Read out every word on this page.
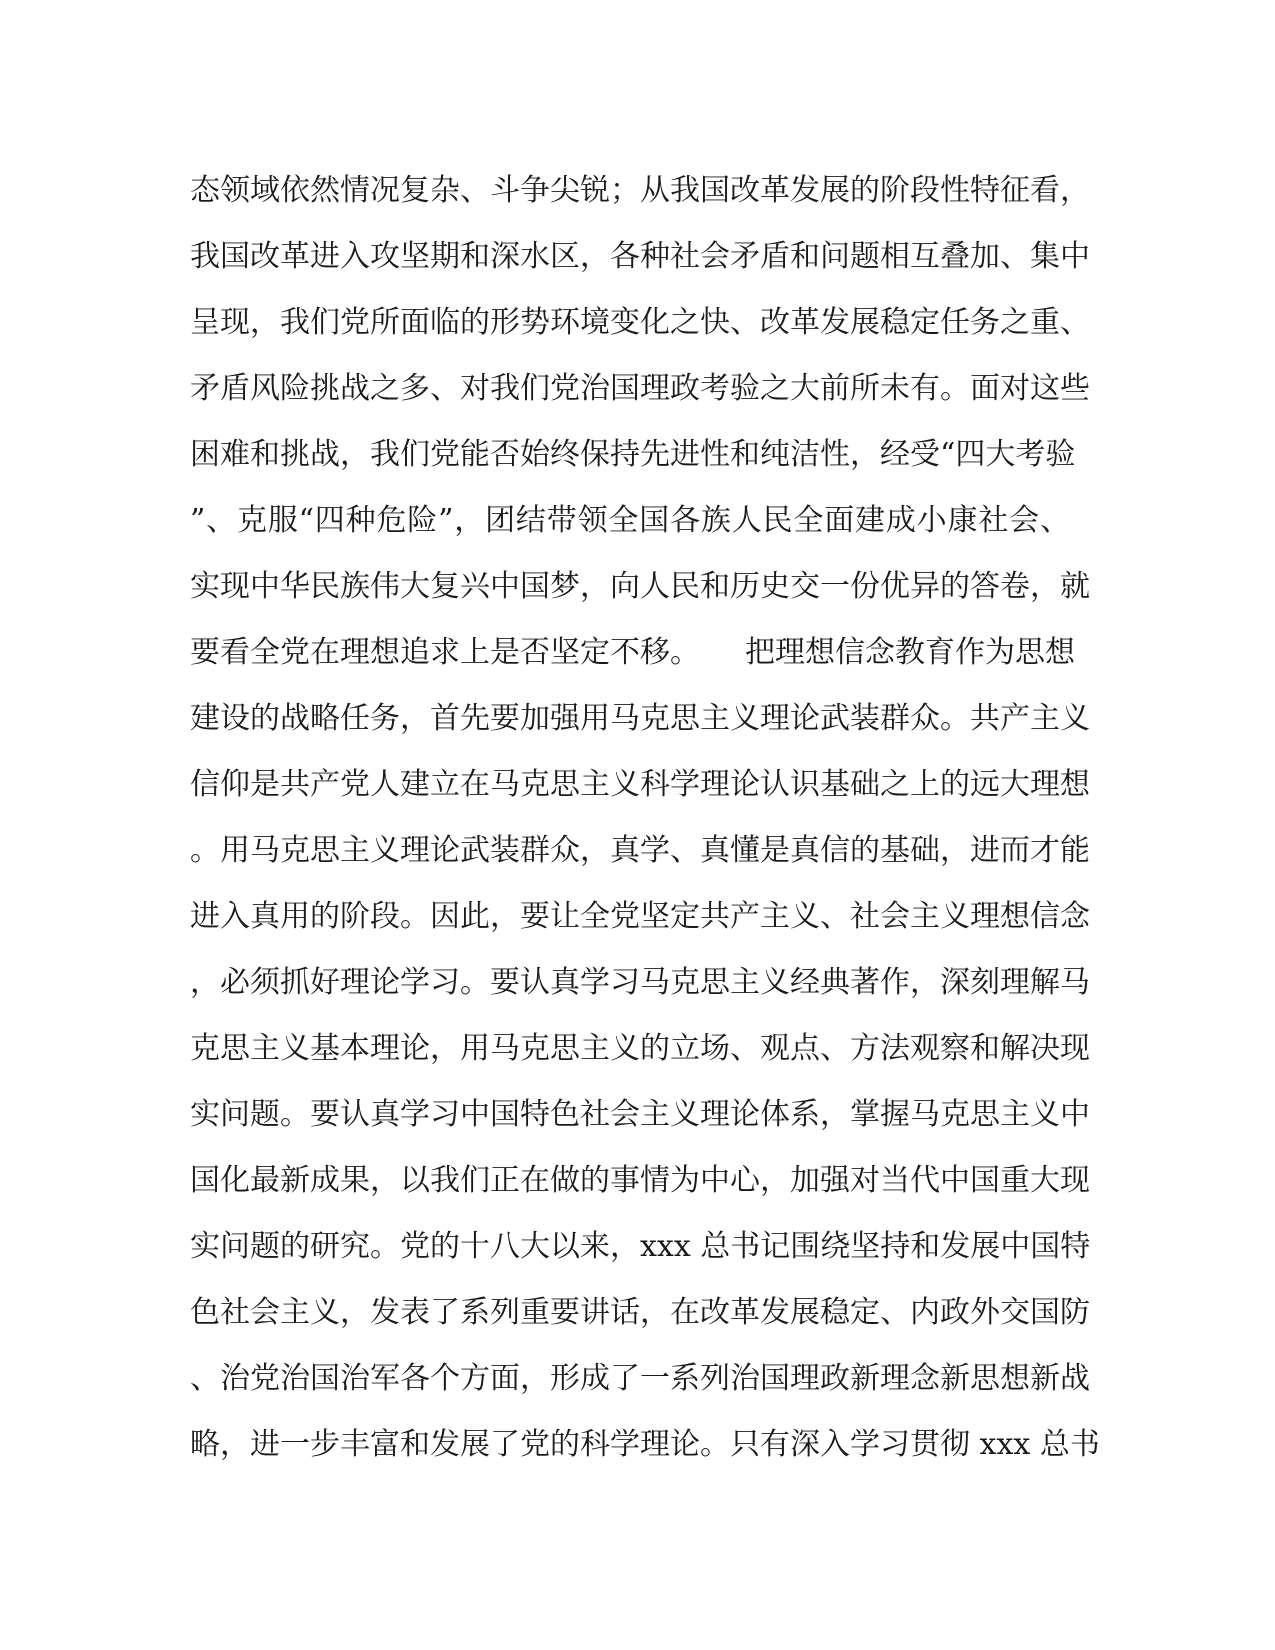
态领域依然情况复杂、斗争尖锐；从我国改革发展的阶段性特征看，
我国改革进入攻坚期和深水区，各种社会矛盾和问题相互叠加、集中
呈现，我们党所面临的形势环境变化之快、改革发展稳定任务之重、
矛盾风险挑战之多、对我们党治国理政考验之大前所未有。面对这些
困难和挑战，我们党能否始终保持先进性和纯洁性，经受“四大考验
”、克服“四种危险”，团结带领全国各族人民全面建成小康社会、
实现中华民族伟大复兴中国梦，向人民和历史交一份优异的答卷，就
要看全党在理想追求上是否坚定不移。　　把理想信念教育作为思想
建设的战略任务，首先要加强用马克思主义理论武装群众。共产主义
信仰是共产党人建立在马克思主义科学理论认识基础之上的远大理想
。用马克思主义理论武装群众，真学、真懂是真信的基础，进而才能
进入真用的阶段。因此，要让全党坚定共产主义、社会主义理想信念
，必须抓好理论学习。要认真学习马克思主义经典著作，深刻理解马
克思主义基本理论，用马克思主义的立场、观点、方法观察和解决现
实问题。要认真学习中国特色社会主义理论体系，掌握马克思主义中
国化最新成果，以我们正在做的事情为中心，加强对当代中国重大现
实问题的研究。党的十八大以来，xxx 总书记围绕坚持和发展中国特
色社会主义，发表了系列重要讲话，在改革发展稳定、内政外交国防
、治党治国治军各个方面，形成了一系列治国理政新理念新思想新战
略，进一步丰富和发展了党的科学理论。只有深入学习贯彻 xxx 总书
